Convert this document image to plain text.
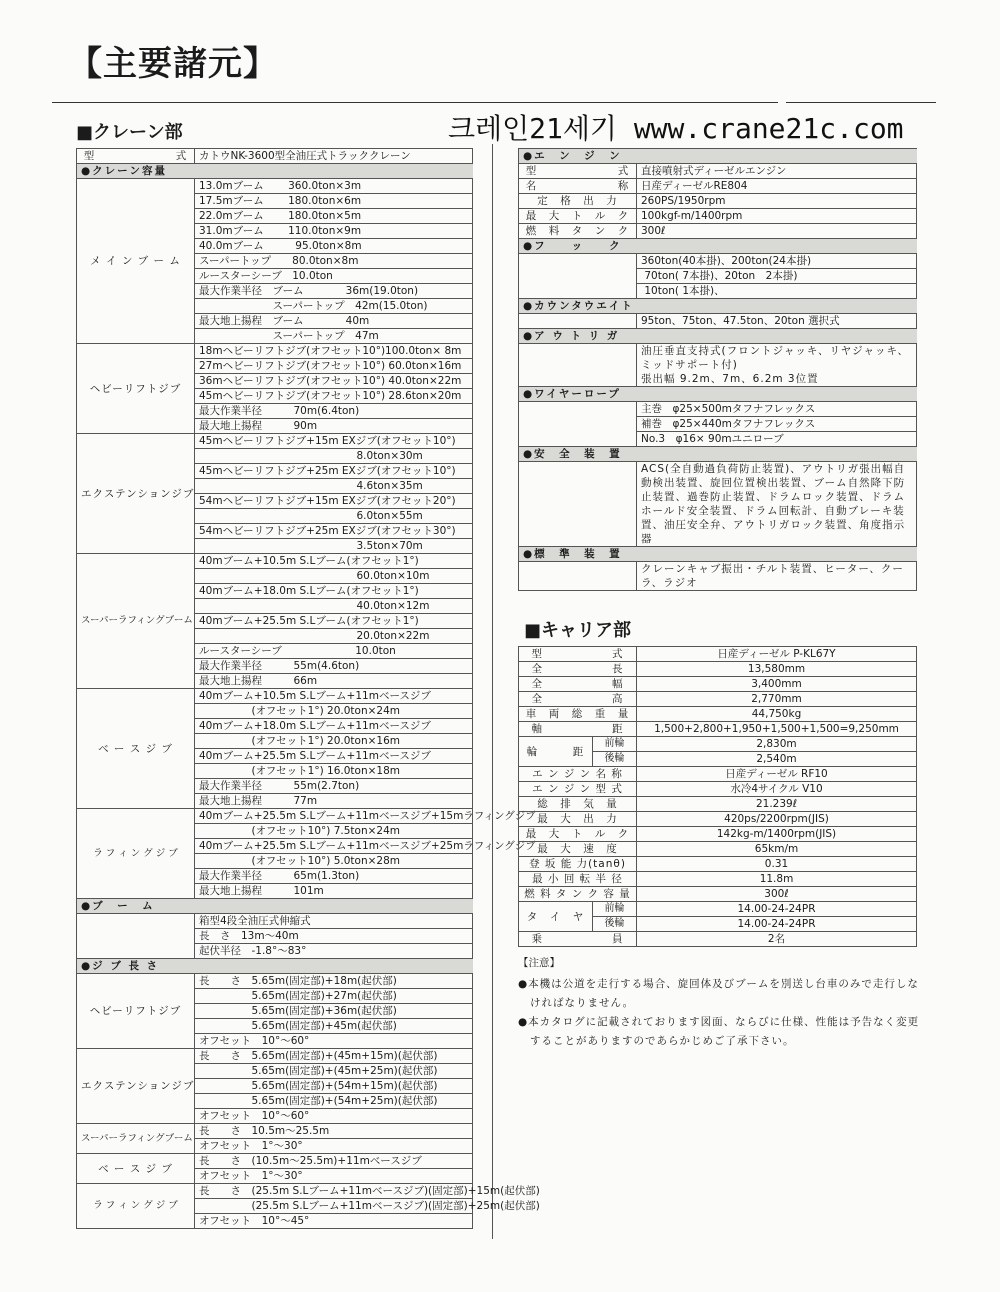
【主要諸元】
■クレーン部	크레인21세기 www.crane21c.com
型　　　　　　　式	カトウNK-3600型全油圧式トラッククレーン
●クレーン容量	
メ イ ン ブ ー ム	13.0mブーム　　 360.0ton×3m
	17.5mブーム　　 180.0ton×6m
	22.0mブーム　　 180.0ton×5m
	31.0mブーム　　 110.0ton×9m
	40.0mブーム　　　95.0ton×8m
	スーパートップ　　80.0ton×8m
	ルースターシーブ　10.0ton
	最大作業半径　ブーム　　　　36m(19.0ton)
	　　　　　　　スーパートップ　42m(15.0ton)
	最大地上揚程　ブーム　　　　40m
	　　　　　　　スーパートップ　47m
ヘビーリフトジブ	18mヘビーリフトジブ(オフセット10°)100.0ton× 8m
	27mヘビーリフトジブ(オフセット10°) 60.0ton×16m
	36mヘビーリフトジブ(オフセット10°) 40.0ton×22m
	45mヘビーリフトジブ(オフセット10°) 28.6ton×20m
	最大作業半径　　　70m(6.4ton)
	最大地上揚程　　　90m
エクステンションジブ	45mヘビーリフトジブ+15m EXジブ(オフセット10°)
	　　　　　　　　　　　　　　　8.0ton×30m
	45mヘビーリフトジブ+25m EXジブ(オフセット10°)
	　　　　　　　　　　　　　　　4.6ton×35m
	54mヘビーリフトジブ+15m EXジブ(オフセット20°)
	　　　　　　　　　　　　　　　6.0ton×55m
	54mヘビーリフトジブ+25m EXジブ(オフセット30°)
	　　　　　　　　　　　　　　　3.5ton×70m
スーパーラフィングブーム	40mブーム+10.5m S.Lブーム(オフセット1°)
	　　　　　　　　　　　　　　　60.0ton×10m
	40mブーム+18.0m S.Lブーム(オフセット1°)
	　　　　　　　　　　　　　　　40.0ton×12m
	40mブーム+25.5m S.Lブーム(オフセット1°)
	　　　　　　　　　　　　　　　20.0ton×22m
	ルースターシーブ　　　　　　　10.0ton
	最大作業半径　　　55m(4.6ton)
	最大地上揚程　　　66m
ベ ー ス ジ ブ	40mブーム+10.5m S.Lブーム+11mベースジブ
	　　　　　(オフセット1°) 20.0ton×24m
	40mブーム+18.0m S.Lブーム+11mベースジブ
	　　　　　(オフセット1°) 20.0ton×16m
	40mブーム+25.5m S.Lブーム+11mベースジブ
	　　　　　(オフセット1°) 16.0ton×18m
	最大作業半径　　　55m(2.7ton)
	最大地上揚程　　　77m
ラ フ ィ ン グ ジ ブ	40mブーム+25.5m S.Lブーム+11mベースジブ+15mラフィングジブ
	　　　　　(オフセット10°) 7.5ton×24m
	40mブーム+25.5m S.Lブーム+11mベースジブ+25mラフィングジブ
	　　　　　(オフセット10°) 5.0ton×28m
	最大作業半径　　　65m(1.3ton)
	最大地上揚程　　　101m
●ブ　ー　ム	
	箱型4段全油圧式伸縮式
	長　さ　13m～40m
	起伏半径　-1.8°～83°
●ジ ブ 長 さ	
ヘビーリフトジブ	長　　さ　5.65m(固定部)+18m(起伏部)
	　　　　　5.65m(固定部)+27m(起伏部)
	　　　　　5.65m(固定部)+36m(起伏部)
	　　　　　5.65m(固定部)+45m(起伏部)
	オフセット　10°～60°
エクステンションジブ	長　　さ　5.65m(固定部)+(45m+15m)(起伏部)
	　　　　　5.65m(固定部)+(45m+25m)(起伏部)
	　　　　　5.65m(固定部)+(54m+15m)(起伏部)
	　　　　　5.65m(固定部)+(54m+25m)(起伏部)
	オフセット　10°～60°
スーパーラフィングブーム	長　　さ　10.5m～25.5m
	オフセット　1°～30°
ベ ー ス ジ ブ	長　　さ　(10.5m～25.5m)+11mベースジブ
	オフセット　1°～30°
ラ フ ィ ン グ ジ ブ	長　　さ　(25.5m S.Lブーム+11mベースジブ)(固定部)+15m(起伏部)
	　　　　　(25.5m S.Lブーム+11mベースジブ)(固定部)+25m(起伏部)
	オフセット　10°～45°
●エ　ン　ジ　ン	
型　　　　　　　式	直接噴射式ディーゼルエンジン
名　　　　　　　称	日産ディーゼルRE804
定　格　出　力	260PS/1950rpm
最　大　ト　ル　ク	100kgf-m/1400rpm
燃　料　タ　ン　ク	300ℓ
●フ　　ッ　　ク	
	360ton(40本掛)、200ton(24本掛)
	70ton( 7本掛)、20ton　2本掛)
	10ton( 1本掛)、
●カウンタウエイト	
	95ton、75ton、47.5ton、20ton 選択式
●ア ウ ト リ ガ	
	油圧垂直支持式(フロントジャッキ、リヤジャッキ、ミッドサポート付)
張出幅 9.2m、7m、6.2m 3位置
●ワイヤーロープ	
	主巻　φ25×500mタフナフレックス
	補巻　φ25×440mタフナフレックス
	No.3　φ16× 90mユニローブ
●安　全　装　置	
	ACS(全自動過負荷防止装置)、アウトリガ張出幅自動検出装置、旋回位置検出装置、ブーム自然降下防止装置、過巻防止装置、ドラムロック装置、ドラムホールド安全装置、ドラム回転計、自動ブレーキ装置、油圧安全弁、アウトリガロック装置、角度指示器
●標　準　装　置	
	クレーンキャブ振出・チルト装置、ヒーター、クーラ、ラジオ
■キャリア部
型　　　　　　式		日産ディーゼル P-KL67Y
全　　　　　　長		13,580mm
全　　　　　　幅		3,400mm
全　　　　　　高		2,770mm
車　両　総　重　量		44,750kg
軸　　　　　　距		1,500+2,800+1,950+1,500+1,500=9,250mm
輪　　　距	前輪	2,830m
	後輪	2,540m
エ ン ジ ン 名 称		日産ディーゼル RF10
エ ン ジ ン 型 式		水冷4サイクル V10
総　排　気　量		21.239ℓ
最　大　出　力		420ps/2200rpm(JIS)
最　大　ト　ル　ク		142kg-m/1400rpm(JIS)
最　大　速　度		65km/m
登 坂 能 力(tanθ)		0.31
最 小 回 転 半 径		11.8m
燃 料 タ ン ク 容 量		300ℓ
タ　イ　ヤ	前輪	14.00-24-24PR
	後輪	14.00-24-24PR
乗　　　　　　員		2名
【注意】
●本機は公道を走行する場合、旋回体及びブームを別送し台車のみで走行しなければなりません。
●本カタログに記載されております図面、ならびに仕様、性能は予告なく変更することがありますのであらかじめご了承下さい。
